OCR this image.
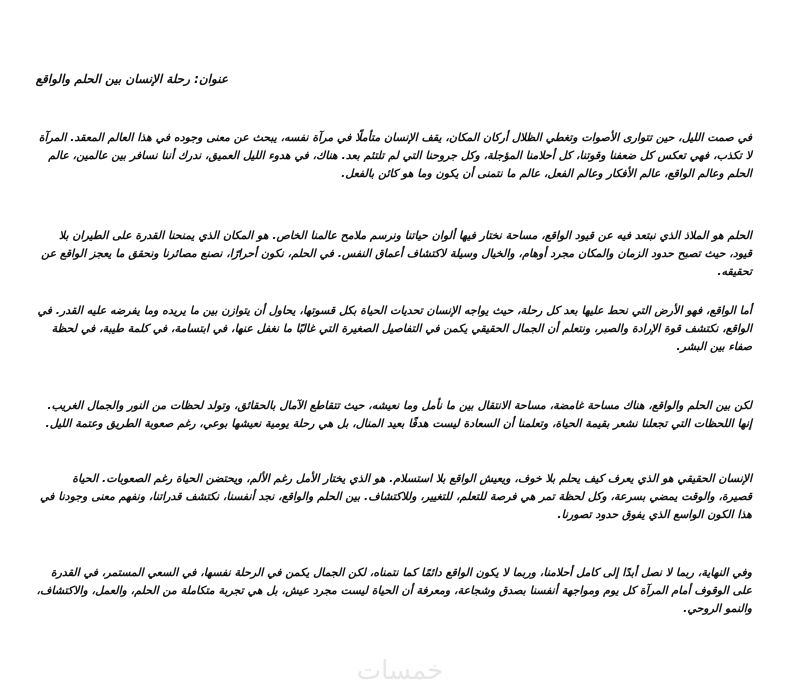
عنوان: رحلة الإنسان بين الحلم والواقع

في صمت الليل، حين تتوارى الأصوات وتغطي الظلال أركان المكان، يقف الإنسان متأملًا في مرآة نفسه، يبحث عن معنى وجوده في هذا العالم المعقد. المرآة لا تكذب، فهي تعكس كل ضعفنا وقوتنا، كل أحلامنا المؤجلة، وكل جروحنا التي لم تلتئم بعد. هناك، في هدوء الليل العميق، ندرك أننا نسافر بين عالمين، عالم الحلم وعالم الواقع، عالم الأفكار وعالم الفعل، عالم ما نتمنى أن يكون وما هو كائن بالفعل.

الحلم هو الملاذ الذي نبتعد فيه عن قيود الواقع، مساحة نختار فيها ألوان حياتنا ونرسم ملامح عالمنا الخاص. هو المكان الذي يمنحنا القدرة على الطيران بلا قيود، حيث تصبح حدود الزمان والمكان مجرد أوهام، والخيال وسيلة لاكتشاف أعماق النفس. في الحلم، نكون أحرارًا، نصنع مصائرنا ونحقق ما يعجز الواقع عن تحقيقه.

أما الواقع، فهو الأرض التي نحط عليها بعد كل رحلة، حيث يواجه الإنسان تحديات الحياة بكل قسوتها، يحاول أن يتوازن بين ما يريده وما يفرضه عليه القدر. في الواقع، نكتشف قوة الإرادة والصبر، ونتعلم أن الجمال الحقيقي يكمن في التفاصيل الصغيرة التي غالبًا ما نغفل عنها، في ابتسامة، في كلمة طيبة، في لحظة صفاء بين البشر.

لكن بين الحلم والواقع، هناك مساحة غامضة، مساحة الانتقال بين ما نأمل وما نعيشه، حيث تتقاطع الآمال بالحقائق، وتولد لحظات من النور والجمال الغريب. إنها اللحظات التي تجعلنا نشعر بقيمة الحياة، وتعلمنا أن السعادة ليست هدفًا بعيد المنال، بل هي رحلة يومية نعيشها بوعي، رغم صعوبة الطريق وعتمة الليل.

الإنسان الحقيقي هو الذي يعرف كيف يحلم بلا خوف، ويعيش الواقع بلا استسلام. هو الذي يختار الأمل رغم الألم، ويحتضن الحياة رغم الصعوبات. الحياة قصيرة، والوقت يمضي بسرعة، وكل لحظة تمر هي فرصة للتعلم، للتغيير، وللاكتشاف. بين الحلم والواقع، نجد أنفسنا، نكتشف قدراتنا، ونفهم معنى وجودنا في هذا الكون الواسع الذي يفوق حدود تصورنا.

وفي النهاية، ربما لا نصل أبدًا إلى كامل أحلامنا، وربما لا يكون الواقع دائمًا كما نتمناه، لكن الجمال يكمن في الرحلة نفسها، في السعي المستمر، في القدرة على الوقوف أمام المرآة كل يوم ومواجهة أنفسنا بصدق وشجاعة، ومعرفة أن الحياة ليست مجرد عيش، بل هي تجربة متكاملة من الحلم، والعمل، والاكتشاف، والنمو الروحي.

خمسات
